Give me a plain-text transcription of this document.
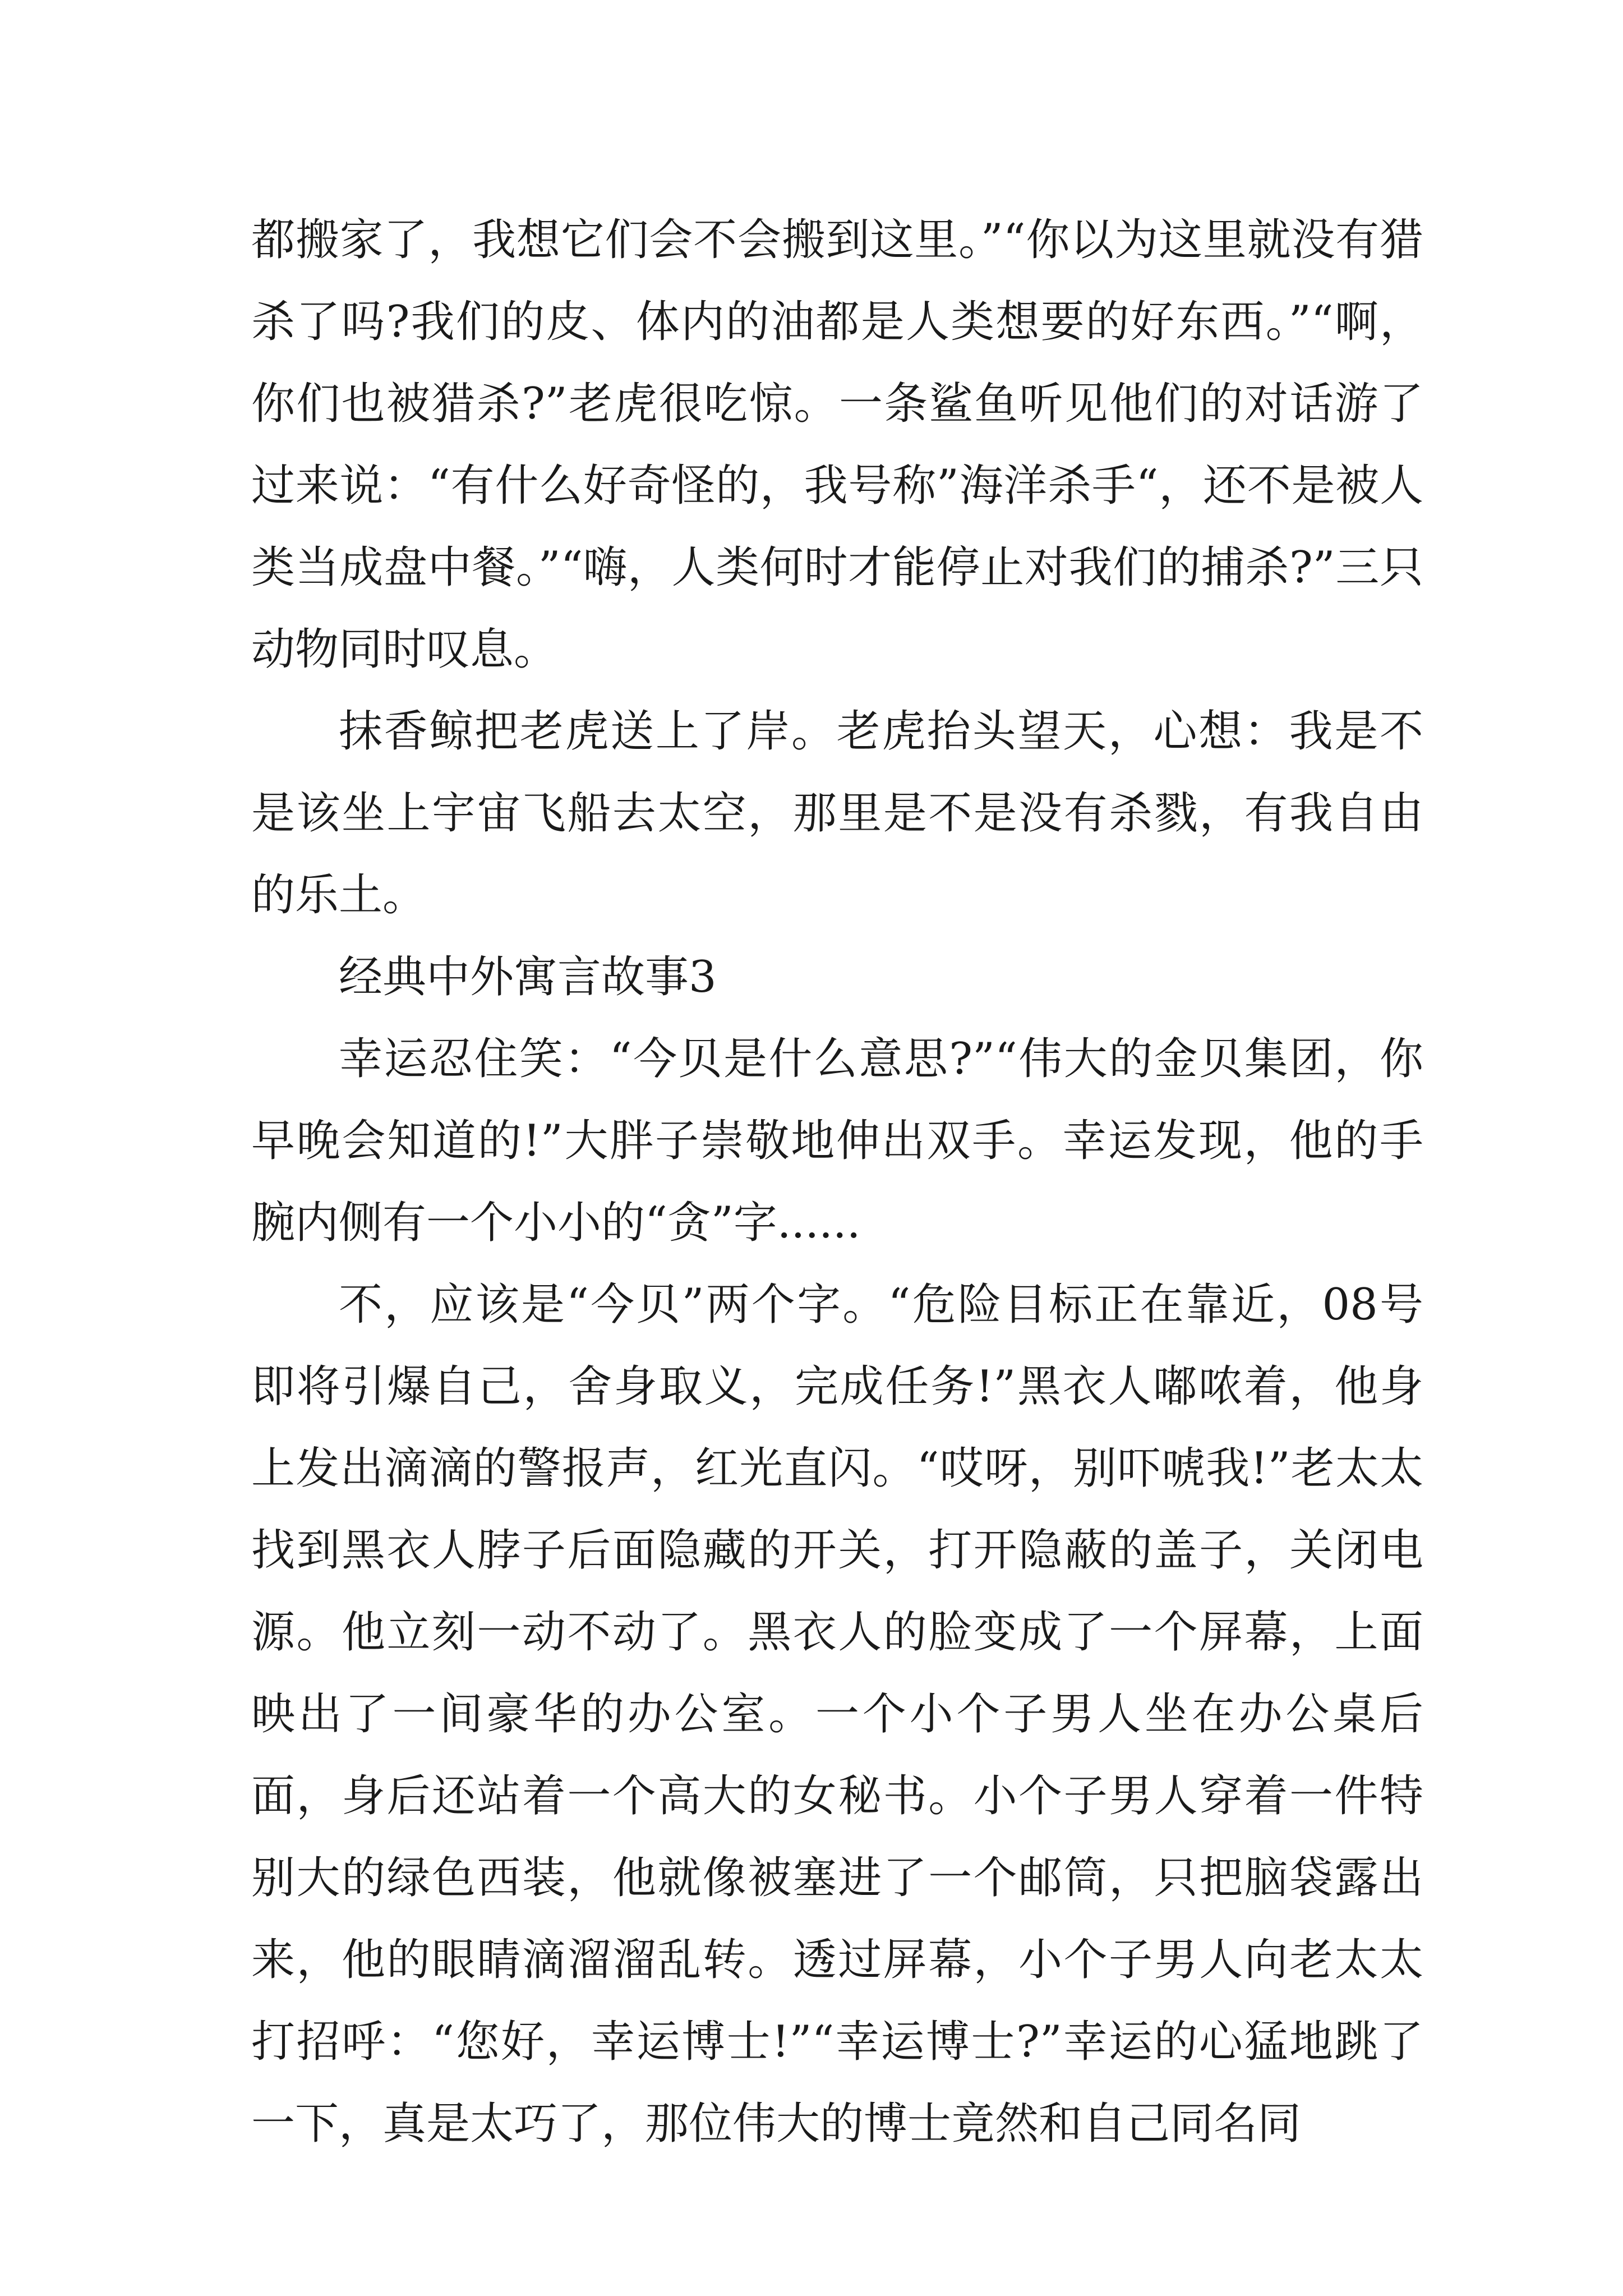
都搬家了，我想它们会不会搬到这里。”“你以为这里就没有猎杀了吗?我们的皮、体内的油都是人类想要的好东西。”“啊，你们也被猎杀?”老虎很吃惊。一条鲨鱼听见他们的对话游了过来说：“有什么好奇怪的，我号称”海洋杀手“，还不是被人类当成盘中餐。”“嗨，人类何时才能停止对我们的捕杀?”三只动物同时叹息。

抹香鲸把老虎送上了岸。老虎抬头望天，心想：我是不是该坐上宇宙飞船去太空，那里是不是没有杀戮，有我自由的乐土。

经典中外寓言故事3

幸运忍住笑：“今贝是什么意思?”“伟大的金贝集团，你早晚会知道的!”大胖子崇敬地伸出双手。幸运发现，他的手腕内侧有一个小小的“贪”字......

不，应该是“今贝”两个字。“危险目标正在靠近，08号即将引爆自己，舍身取义，完成任务!”黑衣人嘟哝着，他身上发出滴滴的警报声，红光直闪。“哎呀，别吓唬我!”老太太找到黑衣人脖子后面隐藏的开关，打开隐蔽的盖子，关闭电源。他立刻一动不动了。黑衣人的脸变成了一个屏幕，上面映出了一间豪华的办公室。一个小个子男人坐在办公桌后面，身后还站着一个高大的女秘书。小个子男人穿着一件特别大的绿色西装，他就像被塞进了一个邮筒，只把脑袋露出来，他的眼睛滴溜溜乱转。透过屏幕，小个子男人向老太太打招呼：“您好，幸运博士!”“幸运博士?”幸运的心猛地跳了一下，真是太巧了，那位伟大的博士竟然和自己同名同
